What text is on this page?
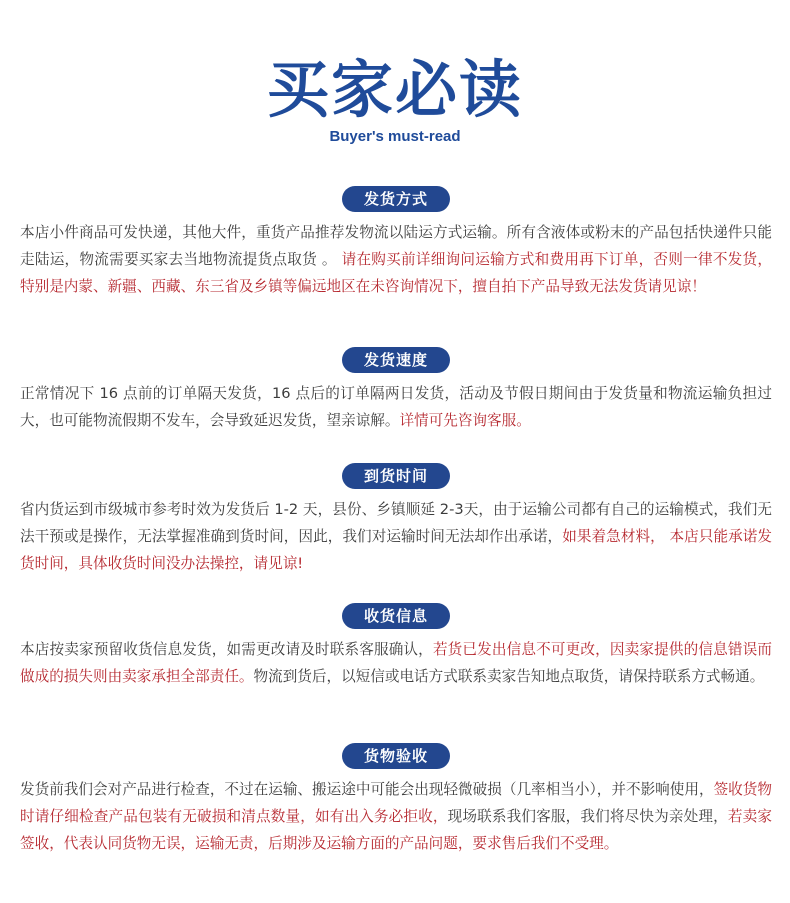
买家必读
Buyer's must-read
发货方式
本店小件商品可发快递，其他大件，重货产品推荐发物流以陆运方式运输。所有含液体或粉末的产品包括快递件只能走陆运，物流需要买家去当地物流提货点取货 。 请在购买前详细询问运输方式和费用再下订单，否则一律不发货，特别是内蒙、新疆、西藏、东三省及乡镇等偏远地区在未咨询情况下，擅自拍下产品导致无法发货请见谅！
发货速度
正常情况下 16 点前的订单隔天发货，16 点后的订单隔两日发货，活动及节假日期间由于发货量和物流运输负担过大，也可能物流假期不发车，会导致延迟发货，望亲谅解。详情可先咨询客服。
到货时间
省内货运到市级城市参考时效为发货后 1-2 天，县份、乡镇顺延 2-3天，由于运输公司都有自己的运输模式，我们无法干预或是操作，无法掌握准确到货时间，因此，我们对运输时间无法却作出承诺，如果着急材料， 本店只能承诺发货时间，具体收货时间没办法操控，请见谅!
收货信息
本店按卖家预留收货信息发货，如需更改请及时联系客服确认，若货已发出信息不可更改，因卖家提供的信息错误而做成的损失则由卖家承担全部责任。物流到货后，以短信或电话方式联系卖家告知地点取货，请保持联系方式畅通。
货物验收
发货前我们会对产品进行检查，不过在运输、搬运途中可能会出现轻微破损（几率相当小），并不影响使用，签收货物时请仔细检查产品包装有无破损和清点数量，如有出入务必拒收，现场联系我们客服，我们将尽快为亲处理，若卖家签收，代表认同货物无误，运输无责，后期涉及运输方面的产品问题，要求售后我们不受理。
